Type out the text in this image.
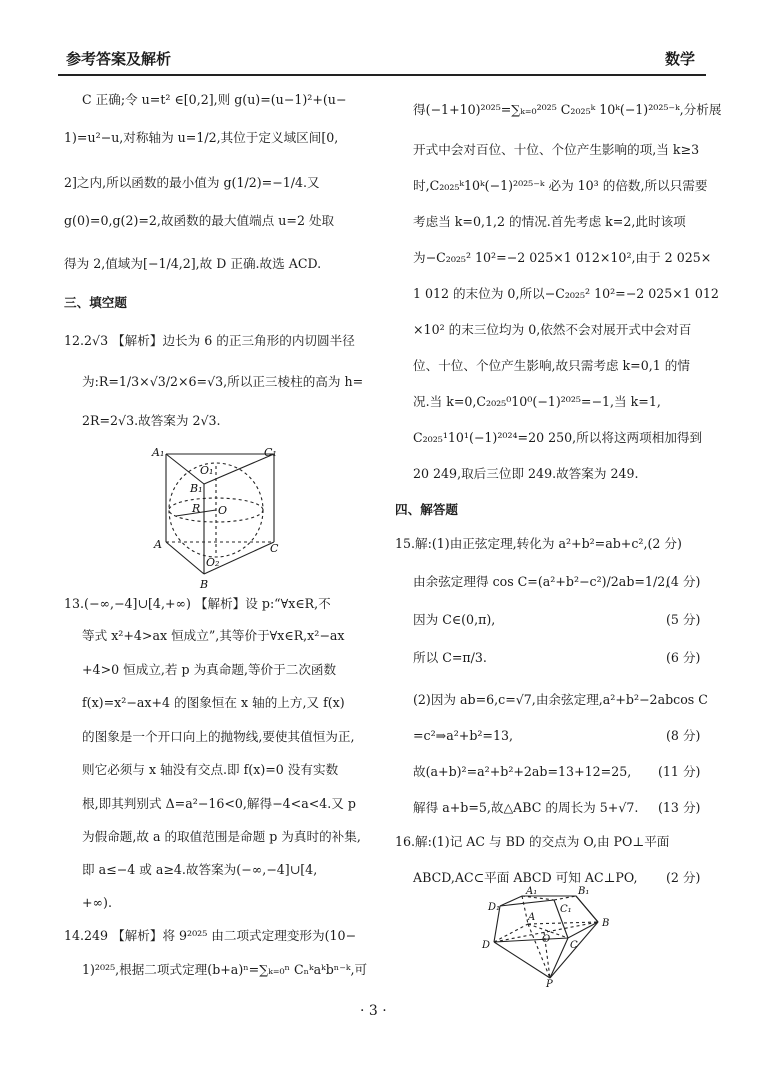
参考答案及解析	数学
C 正确;令 u=t² ∈[0,2],则 g(u)=(u−1)²+(u−
1)=u²−u,对称轴为 u=1/2,其位于定义域区间[0,
2]之内,所以函数的最小值为 g(1/2)=−1/4.又
g(0)=0,g(2)=2,故函数的最大值端点 u=2 处取
得为 2,值域为[−1/4,2],故 D 正确.故选 ACD.
三、填空题
12.2√3 【解析】边长为 6 的正三角形的内切圆半径
为:R=1/3×√3/2×6=√3,所以正三棱柱的高为 h=
2R=2√3.故答案为 2√3.
A₁	C₁
O₁
B₁
R O
A	C
O₂
B
13.(−∞,−4]∪[4,+∞) 【解析】设 p:“∀x∈R,不
等式 x²+4>ax 恒成立”,其等价于∀x∈R,x²−ax
+4>0 恒成立,若 p 为真命题,等价于二次函数
f(x)=x²−ax+4 的图象恒在 x 轴的上方,又 f(x)
的图象是一个开口向上的抛物线,要使其值恒为正,
则它必须与 x 轴没有交点.即 f(x)=0 没有实数
根,即其判别式 Δ=a²−16<0,解得−4<a<4.又 p
为假命题,故 a 的取值范围是命题 p 为真时的补集,
即 a≤−4 或 a≥4.故答案为(−∞,−4]∪[4,
+∞).
14.249 【解析】将 9²⁰²⁵ 由二项式定理变形为(10−
1)²⁰²⁵,根据二项式定理(b+a)ⁿ=∑ₖ₌₀ⁿ Cₙᵏaᵏbⁿ⁻ᵏ,可
得(−1+10)²⁰²⁵=∑ₖ₌₀²⁰²⁵ C₂₀₂₅ᵏ 10ᵏ(−1)²⁰²⁵⁻ᵏ,分析展
开式中会对百位、十位、个位产生影响的项,当 k≥3
时,C₂₀₂₅ᵏ10ᵏ(−1)²⁰²⁵⁻ᵏ 必为 10³ 的倍数,所以只需要
考虑当 k=0,1,2 的情况.首先考虑 k=2,此时该项
为−C₂₀₂₅² 10²=−2 025×1 012×10²,由于 2 025×
1 012 的末位为 0,所以−C₂₀₂₅² 10²=−2 025×1 012
×10² 的末三位均为 0,依然不会对展开式中会对百
位、十位、个位产生影响,故只需考虑 k=0,1 的情
况.当 k=0,C₂₀₂₅⁰10⁰(−1)²⁰²⁵=−1,当 k=1,
C₂₀₂₅¹10¹(−1)²⁰²⁴=20 250,所以将这两项相加得到
20 249,取后三位即 249.故答案为 249.
四、解答题
15.解:(1)由正弦定理,转化为 a²+b²=ab+c²,(2 分)
由余弦定理得 cos C=(a²+b²−c²)/2ab=1/2,
(4 分)
因为 C∈(0,π),	(5 分)
所以 C=π/3.	(6 分)
(2)因为 ab=6,c=√7,由余弦定理,a²+b²−2abcos C
=c²⇒a²+b²=13,	(8 分)
故(a+b)²=a²+b²+2ab=13+12=25, (11 分)
解得 a+b=5,故△ABC 的周长为 5+√7. (13 分)
16.解:(1)记 AC 与 BD 的交点为 O,由 PO⊥平面
ABCD,AC⊂平面 ABCD 可知 AC⊥PO, (2 分)
A₁	B₁
D₁	C₁
A
B
O
D	C
P
· 3 ·
